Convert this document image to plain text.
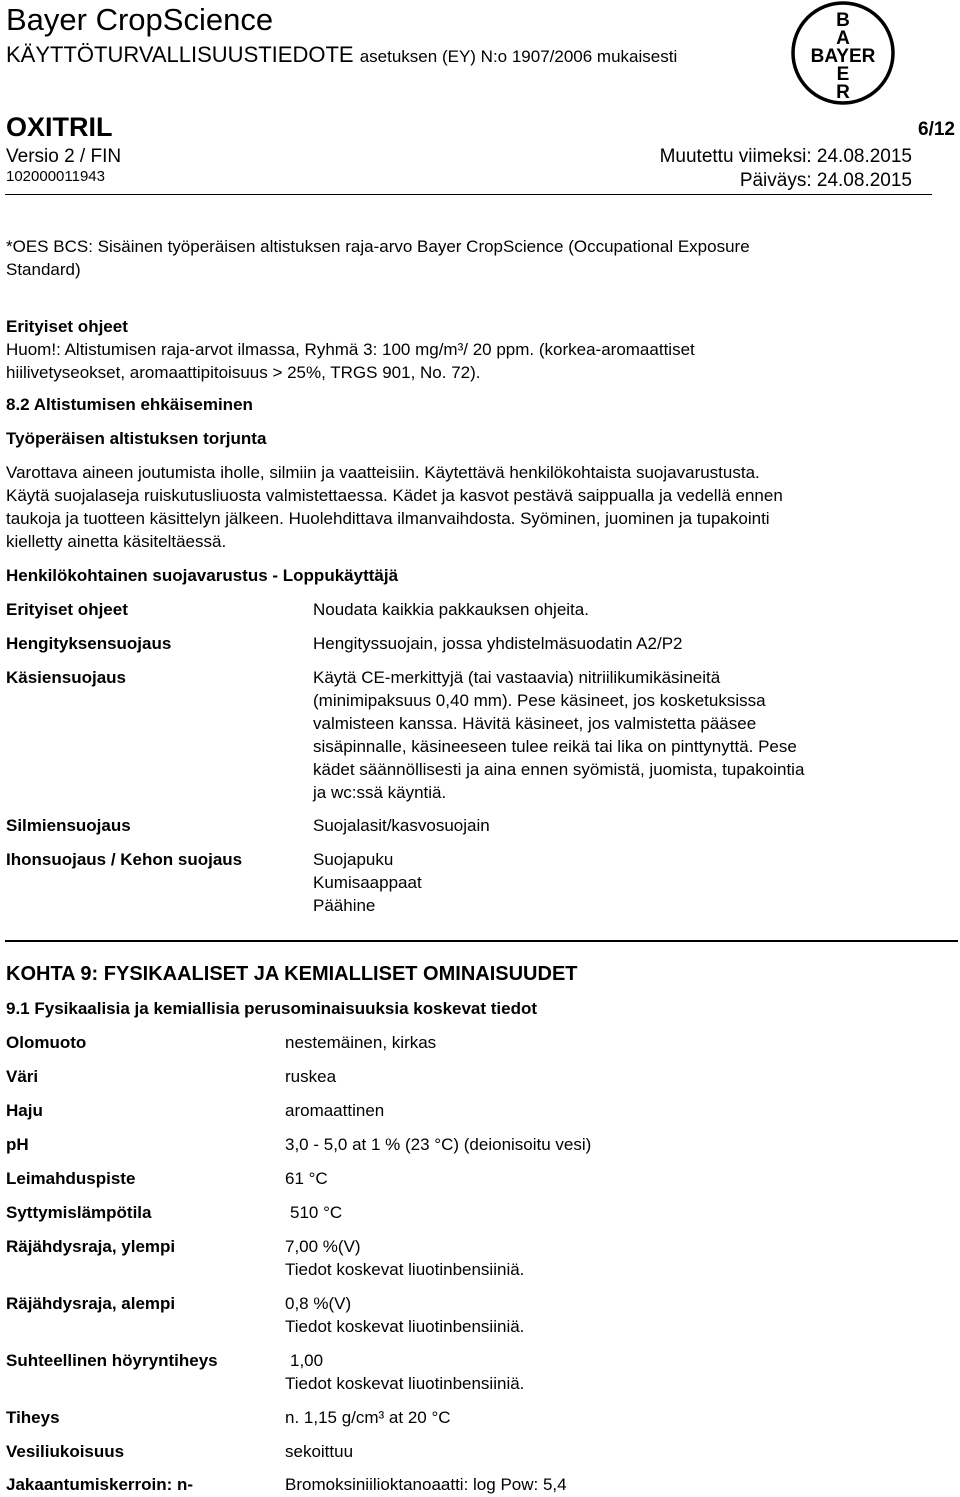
Bayer CropScience
KÄYTTÖTURVALLISUUSTIEDOTE asetuksen (EY) N:o 1907/2006 mukaisesti
B
A
BAYER
E
R
OXITRIL	6/12
Versio 2 / FIN	Muutettu viimeksi: 24.08.2015
102000011943	Päiväys: 24.08.2015
*OES BCS: Sisäinen työperäisen altistuksen raja-arvo Bayer CropScience (Occupational Exposure
Standard)
Erityiset ohjeet
Huom!: Altistumisen raja-arvot ilmassa, Ryhmä 3: 100 mg/m³/ 20 ppm. (korkea-aromaattiset
hiilivetyseokset, aromaattipitoisuus > 25%, TRGS 901, No. 72).
8.2 Altistumisen ehkäiseminen
Työperäisen altistuksen torjunta
Varottava aineen joutumista iholle, silmiin ja vaatteisiin. Käytettävä henkilökohtaista suojavarustusta.
Käytä suojalaseja ruiskutusliuosta valmistettaessa. Kädet ja kasvot pestävä saippualla ja vedellä ennen
taukoja ja tuotteen käsittelyn jälkeen. Huolehdittava ilmanvaihdosta. Syöminen, juominen ja tupakointi
kielletty ainetta käsiteltäessä.
Henkilökohtainen suojavarustus - Loppukäyttäjä
Erityiset ohjeet	Noudata kaikkia pakkauksen ohjeita.
Hengityksensuojaus	Hengityssuojain, jossa yhdistelmäsuodatin A2/P2
Käsiensuojaus	Käytä CE-merkittyjä (tai vastaavia) nitriilikumikäsineitä
(minimipaksuus 0,40 mm). Pese käsineet, jos kosketuksissa
valmisteen kanssa. Hävitä käsineet, jos valmistetta pääsee
sisäpinnalle, käsineeseen tulee reikä tai lika on pinttynyttä. Pese
kädet säännöllisesti ja aina ennen syömistä, juomista, tupakointia
ja wc:ssä käyntiä.
Silmiensuojaus	Suojalasit/kasvosuojain
Ihonsuojaus / Kehon suojaus	Suojapuku
Kumisaappaat
Päähine
KOHTA 9: FYSIKAALISET JA KEMIALLISET OMINAISUUDET
9.1 Fysikaalisia ja kemiallisia perusominaisuuksia koskevat tiedot
Olomuoto	nestemäinen, kirkas
Väri	ruskea
Haju	aromaattinen
pH	3,0 - 5,0 at 1 % (23 °C) (deionisoitu vesi)
Leimahduspiste	61 °C
Syttymislämpötila	510 °C
Räjähdysraja, ylempi	7,00 %(V)
Tiedot koskevat liuotinbensiiniä.
Räjähdysraja, alempi	0,8 %(V)
Tiedot koskevat liuotinbensiiniä.
Suhteellinen höyryntiheys	1,00
Tiedot koskevat liuotinbensiiniä.
Tiheys	n. 1,15 g/cm³ at 20 °C
Vesiliukoisuus	sekoittuu
Jakaantumiskerroin: n-	Bromoksiniilioktanoaatti: log Pow: 5,4
